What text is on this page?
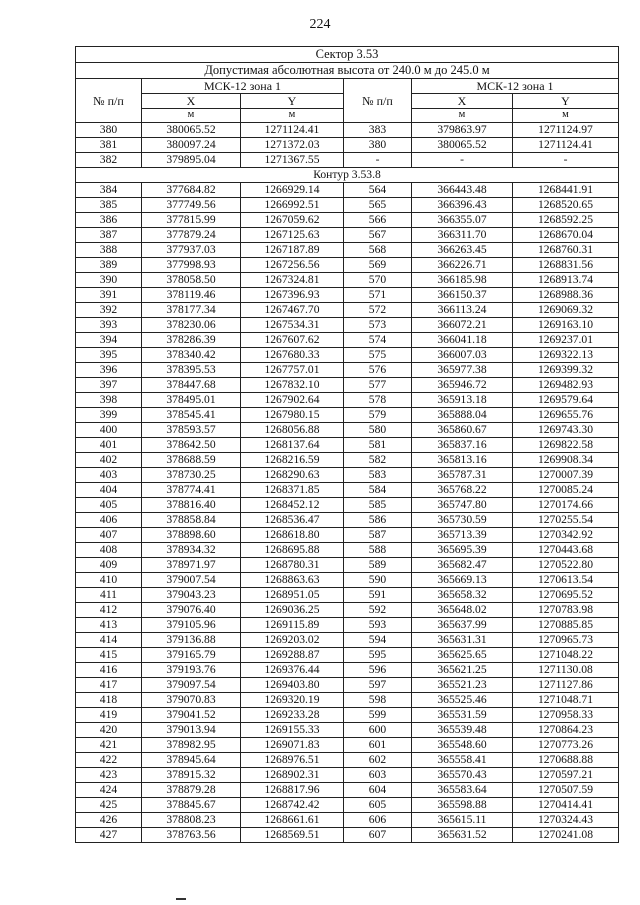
224
Сектор 3.53					
Допустимая абсолютная высота от 240.0 м до 245.0 м					
№ п/п	МСК-12 зона 1		№ п/п	МСК-12 зона 1	
	X	Y		X	Y
	м	м		м	м
380	380065.52	1271124.41	383	379863.97	1271124.97
381	380097.24	1271372.03	380	380065.52	1271124.41
382	379895.04	1271367.55	-	-	-
Контур 3.53.8					
384	377684.82	1266929.14	564	366443.48	1268441.91
385	377749.56	1266992.51	565	366396.43	1268520.65
386	377815.99	1267059.62	566	366355.07	1268592.25
387	377879.24	1267125.63	567	366311.70	1268670.04
388	377937.03	1267187.89	568	366263.45	1268760.31
389	377998.93	1267256.56	569	366226.71	1268831.56
390	378058.50	1267324.81	570	366185.98	1268913.74
391	378119.46	1267396.93	571	366150.37	1268988.36
392	378177.34	1267467.70	572	366113.24	1269069.32
393	378230.06	1267534.31	573	366072.21	1269163.10
394	378286.39	1267607.62	574	366041.18	1269237.01
395	378340.42	1267680.33	575	366007.03	1269322.13
396	378395.53	1267757.01	576	365977.38	1269399.32
397	378447.68	1267832.10	577	365946.72	1269482.93
398	378495.01	1267902.64	578	365913.18	1269579.64
399	378545.41	1267980.15	579	365888.04	1269655.76
400	378593.57	1268056.88	580	365860.67	1269743.30
401	378642.50	1268137.64	581	365837.16	1269822.58
402	378688.59	1268216.59	582	365813.16	1269908.34
403	378730.25	1268290.63	583	365787.31	1270007.39
404	378774.41	1268371.85	584	365768.22	1270085.24
405	378816.40	1268452.12	585	365747.80	1270174.66
406	378858.84	1268536.47	586	365730.59	1270255.54
407	378898.60	1268618.80	587	365713.39	1270342.92
408	378934.32	1268695.88	588	365695.39	1270443.68
409	378971.97	1268780.31	589	365682.47	1270522.80
410	379007.54	1268863.63	590	365669.13	1270613.54
411	379043.23	1268951.05	591	365658.32	1270695.52
412	379076.40	1269036.25	592	365648.02	1270783.98
413	379105.96	1269115.89	593	365637.99	1270885.85
414	379136.88	1269203.02	594	365631.31	1270965.73
415	379165.79	1269288.87	595	365625.65	1271048.22
416	379193.76	1269376.44	596	365621.25	1271130.08
417	379097.54	1269403.80	597	365521.23	1271127.86
418	379070.83	1269320.19	598	365525.46	1271048.71
419	379041.52	1269233.28	599	365531.59	1270958.33
420	379013.94	1269155.33	600	365539.48	1270864.23
421	378982.95	1269071.83	601	365548.60	1270773.26
422	378945.64	1268976.51	602	365558.41	1270688.88
423	378915.32	1268902.31	603	365570.43	1270597.21
424	378879.28	1268817.96	604	365583.64	1270507.59
425	378845.67	1268742.42	605	365598.88	1270414.41
426	378808.23	1268661.61	606	365615.11	1270324.43
427	378763.56	1268569.51	607	365631.52	1270241.08
